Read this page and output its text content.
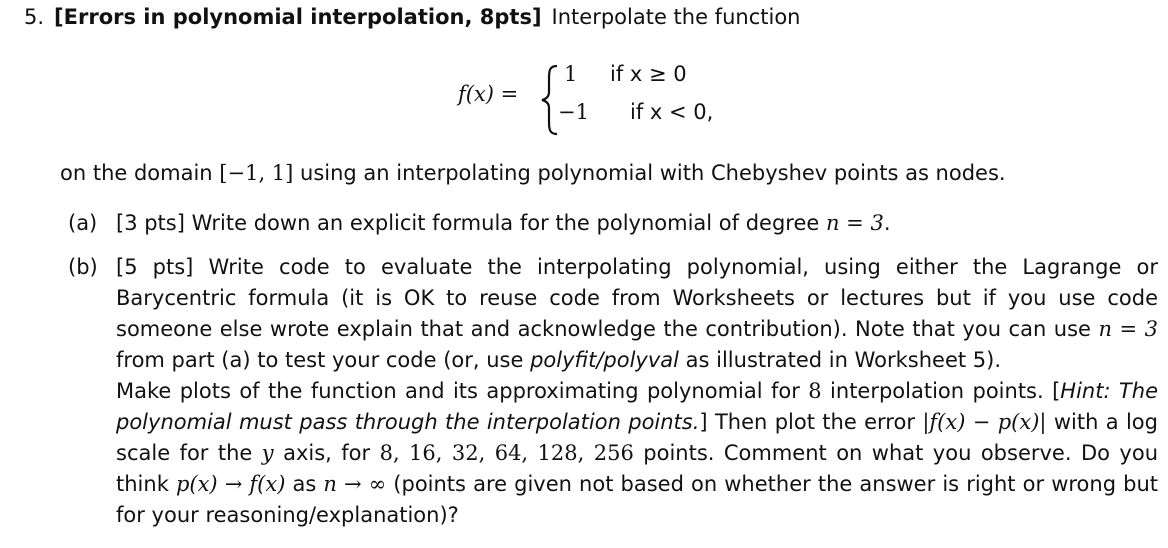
5. [Errors in polynomial interpolation, 8pts] Interpolate the function
f(x) =
1 if x ≥ 0
−1 if x < 0,
on the domain [−1, 1] using an interpolating polynomial with Chebyshev points as nodes.
(a) [3 pts] Write down an explicit formula for the polynomial of degree n = 3.
(b) [5 pts] Write code to evaluate the interpolating polynomial, using either the Lagrange or Barycentric formula (it is OK to reuse code from Worksheets or lectures but if you use code someone else wrote explain that and acknowledge the contribution). Note that you can use n = 3 from part (a) to test your code (or, use polyfit/polyval as illustrated in Worksheet 5).

Make plots of the function and its approximating polynomial for 8 interpolation points. [Hint: The polynomial must pass through the interpolation points.] Then plot the error |f(x) − p(x)| with a log scale for the y axis, for 8, 16, 32, 64, 128, 256 points. Comment on what you observe. Do you think p(x) → f(x) as n → ∞ (points are given not based on whether the answer is right or wrong but for your reasoning/explanation)?
